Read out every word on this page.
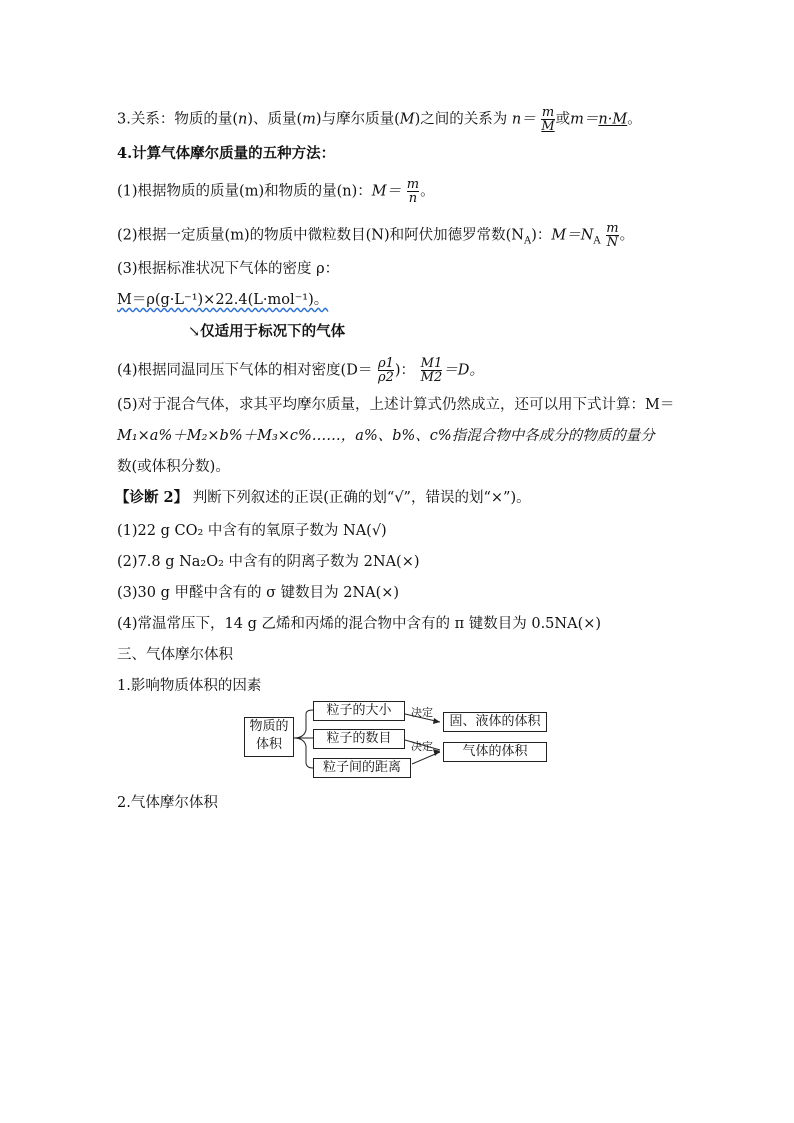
3.关系：物质的量(n)、质量(m)与摩尔质量(M)之间的关系为 $n= \frac{m}{M}$ 或m＝n·M。
4.计算气体摩尔质量的五种方法：
(1)根据物质的质量(m)和物质的量(n)：$M= \frac{m}{n}$ 。
(2)根据一定质量(m)的物质中微粒数目(N)和阿伏加德罗常数$(N_A)$：$M=N_A \frac{m}{N}$ 。
(3)根据标准状况下气体的密度 ρ：
M＝ρ(g·L⁻¹)×22.4(L·mol⁻¹)。
↘仅适用于标况下的气体
(4)根据同温同压下气体的相对密度($D= \frac{\rho 1}{\rho 2}$ )： $\frac{M1}{M2} =D$。
(5)对于混合气体，求其平均摩尔质量，上述计算式仍然成立，还可以用下式计算：M＝
M₁×a%＋M₂×b%＋M₃×c%……，a%、b%、c%指混合物中各成分的物质的量分
数(或体积分数)。
【诊断 2】 判断下列叙述的正误(正确的划“√”，错误的划“×”)。
(1)22 g CO₂ 中含有的氧原子数为 NA(√)
(2)7.8 g Na₂O₂ 中含有的阴离子数为 2NA(×)
(3)30 g 甲醛中含有的 σ 键数目为 2NA(×)
(4)常温常压下，14 g 乙烯和丙烯的混合物中含有的 π 键数目为 0.5NA(×)
三、气体摩尔体积
1.影响物质体积的因素
物质的体积
粒子的大小
粒子的数目
粒子间的距离
决定
决定
固、液体的体积
气体的体积
2.气体摩尔体积
